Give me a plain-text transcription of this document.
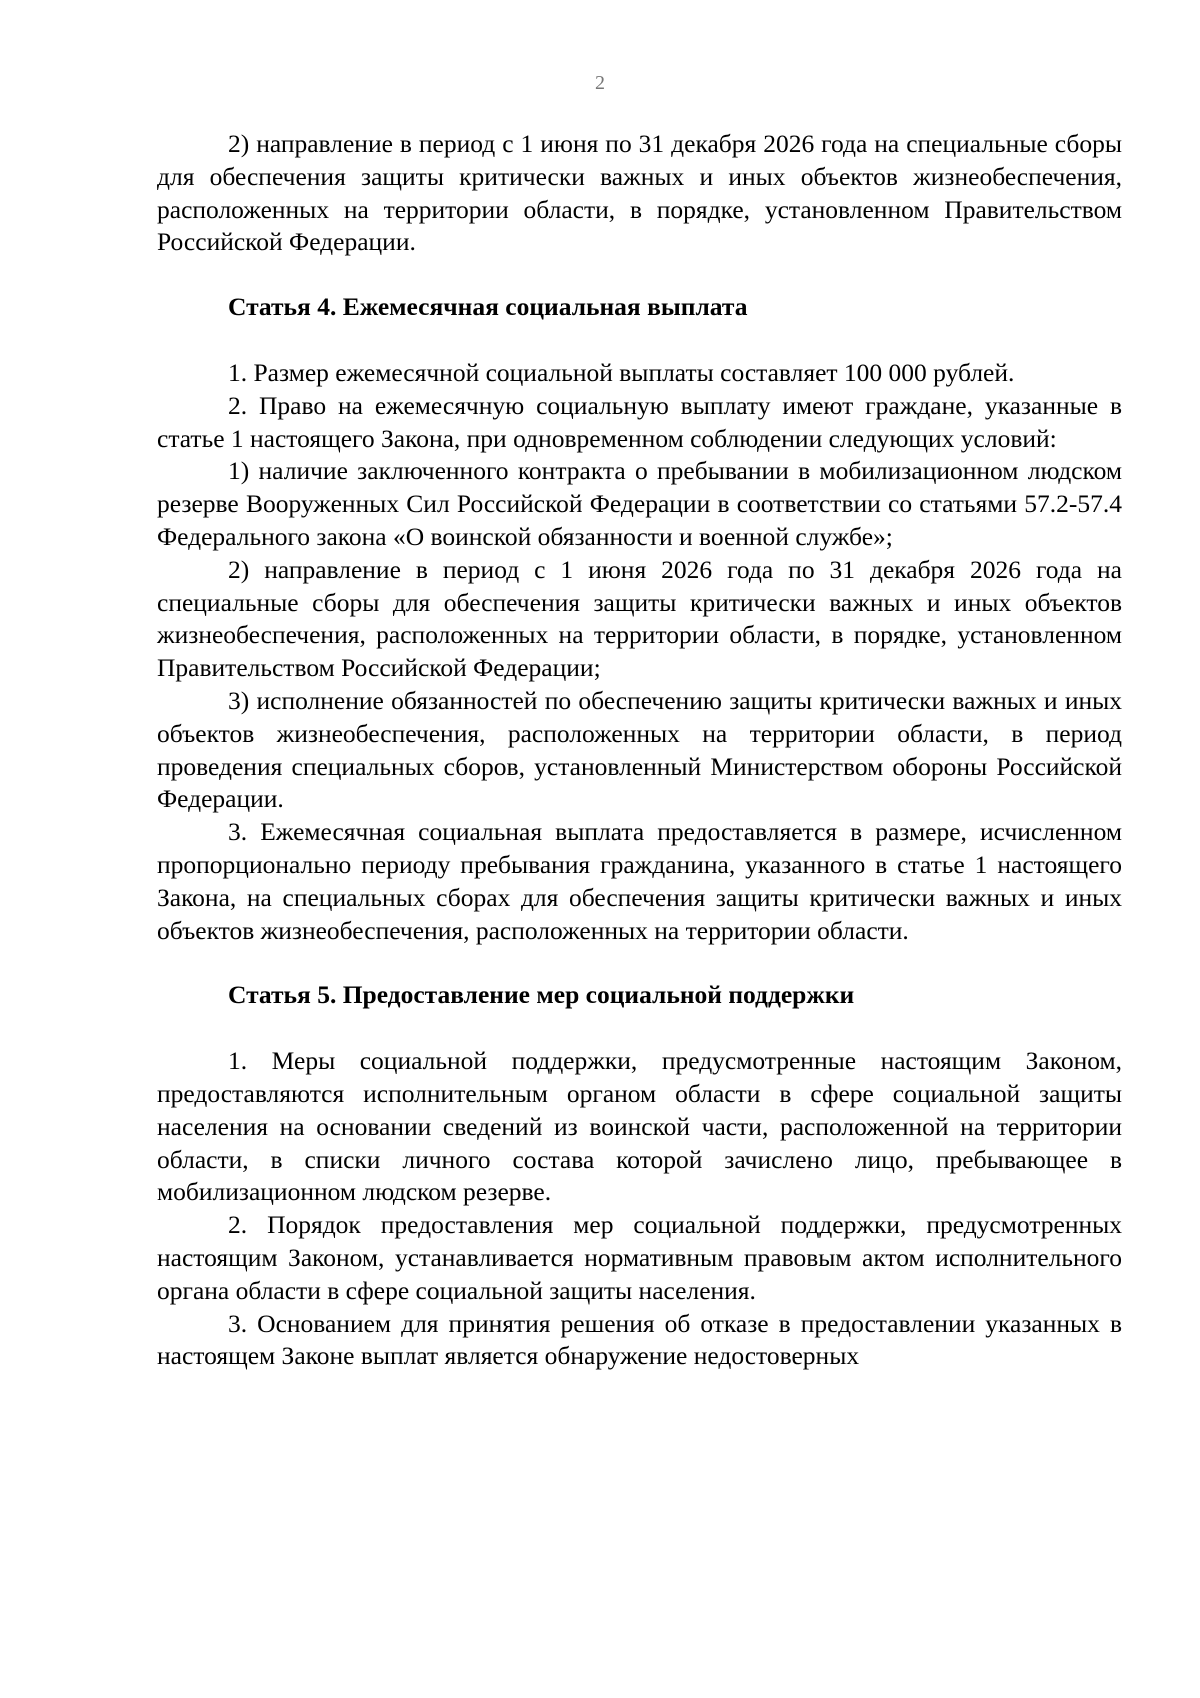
2

2) направление в период с 1 июня по 31 декабря 2026 года на специальные сборы для обеспечения защиты критически важных и иных объектов жизнеобеспечения, расположенных на территории области, в порядке, установленном Правительством Российской Федерации.

Статья 4. Ежемесячная социальная выплата

1. Размер ежемесячной социальной выплаты составляет 100 000 рублей.

2. Право на ежемесячную социальную выплату имеют граждане, указанные в статье 1 настоящего Закона, при одновременном соблюдении следующих условий:

1) наличие заключенного контракта о пребывании в мобилизационном людском резерве Вооруженных Сил Российской Федерации в соответствии со статьями 57.2-57.4 Федерального закона «О воинской обязанности и военной службе»;

2) направление в период с 1 июня 2026 года по 31 декабря 2026 года на специальные сборы для обеспечения защиты критически важных и иных объектов жизнеобеспечения, расположенных на территории области, в порядке, установленном Правительством Российской Федерации;

3) исполнение обязанностей по обеспечению защиты критически важных и иных объектов жизнеобеспечения, расположенных на территории области, в период проведения специальных сборов, установленный Министерством обороны Российской Федерации.

3. Ежемесячная социальная выплата предоставляется в размере, исчисленном пропорционально периоду пребывания гражданина, указанного в статье 1 настоящего Закона, на специальных сборах для обеспечения защиты критически важных и иных объектов жизнеобеспечения, расположенных на территории области.

Статья 5. Предоставление мер социальной поддержки

1. Меры социальной поддержки, предусмотренные настоящим Законом, предоставляются исполнительным органом области в сфере социальной защиты населения на основании сведений из воинской части, расположенной на территории области, в списки личного состава которой зачислено лицо, пребывающее в мобилизационном людском резерве.

2. Порядок предоставления мер социальной поддержки, предусмотренных настоящим Законом, устанавливается нормативным правовым актом исполнительного органа области в сфере социальной защиты населения.

3. Основанием для принятия решения об отказе в предоставлении указанных в настоящем Законе выплат является обнаружение недостоверных
